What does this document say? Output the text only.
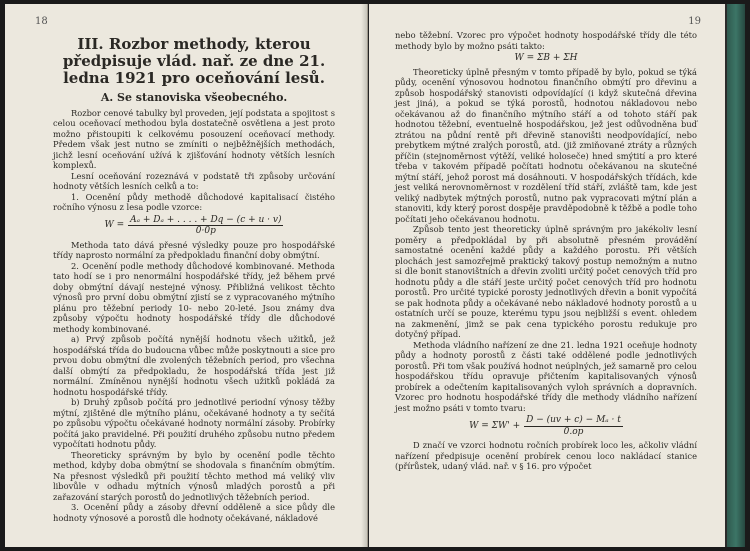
18
III. Rozbor methody, kterou předpisuje vlád. nař. ze dne 21. ledna 1921 pro oceňování lesů.
A. Se stanoviska všeobecného.

Rozbor cenové tabulky byl proveden, její podstata a spojitost s celou oceňovací methodou byla dostatečně osvětlena a jest proto možno přistoupiti k celkovému posouzení oceňovací methody. Předem však jest nutno se zmíniti o nejběžnějších methodách, jichž lesní oceňování užívá k zjišťování hodnoty větších lesních komplexů.

Lesní oceňování rozeznává v podstatě tři způsoby určování hodnoty větších lesních celků a to:

1. Ocenění půdy methodě důchodové kapitalisací čistého ročního výnosu z lesa podle vzorce:

$W = \frac{\text{Aₐ + Dₐ + . . . . + Dq − (c + u · v)}}{0\cdot 0p}$

Methoda tato dává přesné výsledky pouze pro hospodářské třídy naprosto normální za předpokladu finanční doby obmýtní.

2. Ocenění podle methody důchodové kombinované. Methoda tato hodí se i pro nenormální hospodářské třídy, jež během prvé doby obmýtní dávají nestejné výnosy. Přibližná velikost těchto výnosů pro první dobu obmýtní zjistí se z vypracovaného mýtního plánu pro těžební periody 10- nebo 20-leté. Jsou známy dva způsoby výpočtu hodnoty hospodářské třídy dle důchodové methody kombinované.

a) Prvý způsob počítá nynější hodnotu všech užitků, jež hospodářská třída do budoucna vůbec může poskytnouti a sice pro prvou dobu obmýtní dle zvolených těžebních period, pro všechna další obmýtí za předpokladu, že hospodářská třída jest již normální. Zmíněnou nynější hodnotu všech užitků pokládá za hodnotu hospodářské třídy.

b) Druhý způsob počítá pro jednotlivé periodní výnosy těžby mýtní, zjištěné dle mýtního plánu, očekávané hodnoty a ty sečítá po způsobu výpočtu očekávané hodnoty normální zásoby. Probírky počítá jako pravidelné. Při použití druhého způsobu nutno předem vypočítati hodnotu půdy.

Theoreticky správným by bylo by ocenění podle těchto method, kdyby doba obmýtní se shodovala s finančním obmýtím. Na přesnost výsledků při použití těchto method má veliký vliv libovůle v odhadu mýtních výnosů mladých porostů a při zařazování starých porostů do jednotlivých těžebních period.

3. Ocenění půdy a zásoby dřevní odděleně a sice půdy dle hodnoty výnosové a porostů dle hodnoty očekávané, nákladové

19

nebo těžební. Vzorec pro výpočet hodnoty hospodářské třídy dle této methody bylo by možno psáti takto:

W = ΣB + ΣH

Theoreticky úplně přesným v tomto případě by bylo, pokud se týká půdy, ocenění výnosovou hodnotou finančního obmýtí pro dřevinu a způsob hospodářský stanovisti odpovídající (i když skutečná dřevina jest jiná), a pokud se týká porostů, hodnotou nákladovou nebo očekávanou až do finančního mýtního stáří a od tohoto stáří pak hodnotou těžební, eventuelně hospodářskou, jež jest odůvodněna buď ztrátou na půdní rentě při dřevině stanovišti neodpovídající, nebo prebytkem mýtné zralých porostů, atd. (již zmiňované ztráty a různých příčin (stejnoměrnost výtěží, veliké holoseče) hned smýtití a pro které třeba v takovém případě počítati hodnotu očekávanou na skutečné mýtní stáří, jehož porost má dosáhnouti. V hospodářských třídách, kde jest veliká nerovnoměrnost v rozdělení tříd stáří, zvláště tam, kde jest veliký nadbytek mýtných porostů, nutno pak vypracovati mýtní plán a stanoviti, kdy který porost dospěje pravděpodobně k těžbě a podle toho počítati jeho očekávanou hodnotu.

Způsob tento jest theoreticky úplně správným pro jakékoliv lesní poměry a předpokládal by při absolutně přesném provádění samostatné ocenění každé půdy a každého porostu. Při větších plochách jest samozřejmě praktický takový postup nemožným a nutno si dle bonit stanovištních a dřevin zvoliti určitý počet cenových tříd pro hodnotu půdy a dle stáří jeste určitý počet cenových tříd pro hodnotu porostů. Pro určité typické porosty jednotlivých dřevin a bonit vypočítá se pak hodnota půdy a očekávané nebo nákladové hodnoty porostů a u ostatních určí se pouze, kterému typu jsou nejbližší s event. ohledem na zakmenění, jimž se pak cena typického porostu redukuje pro dotyčný případ.

Methoda vládního nařízení ze dne 21. ledna 1921 oceňuje hodnoty půdy a hodnoty porostů z části také oddělené podle jednotlivých porostů. Při tom však používá hodnot neúplných, jež samarně pro celou hospodářskou třídu opravuje přičtením kapitalisovaných výnosů probírek a odečtením kapitalisovaných vyloh správních a dopravních. Vzorec pro hodnotu hospodářské třídy dle methody vládního nařízení jest možno psáti v tomto tvaru:

$W = \Sigma W' + \frac{\text{D − (uv + c) − Mₐ · t}}{0.op}$

D značí ve vzorci hodnotu ročních probírek loco les, ačkoliv vládní nařízení předpisuje ocenění probírek cenou loco nakládací stanice (přírůstek, udaný vlád. nař. v § 16. pro výpočet
